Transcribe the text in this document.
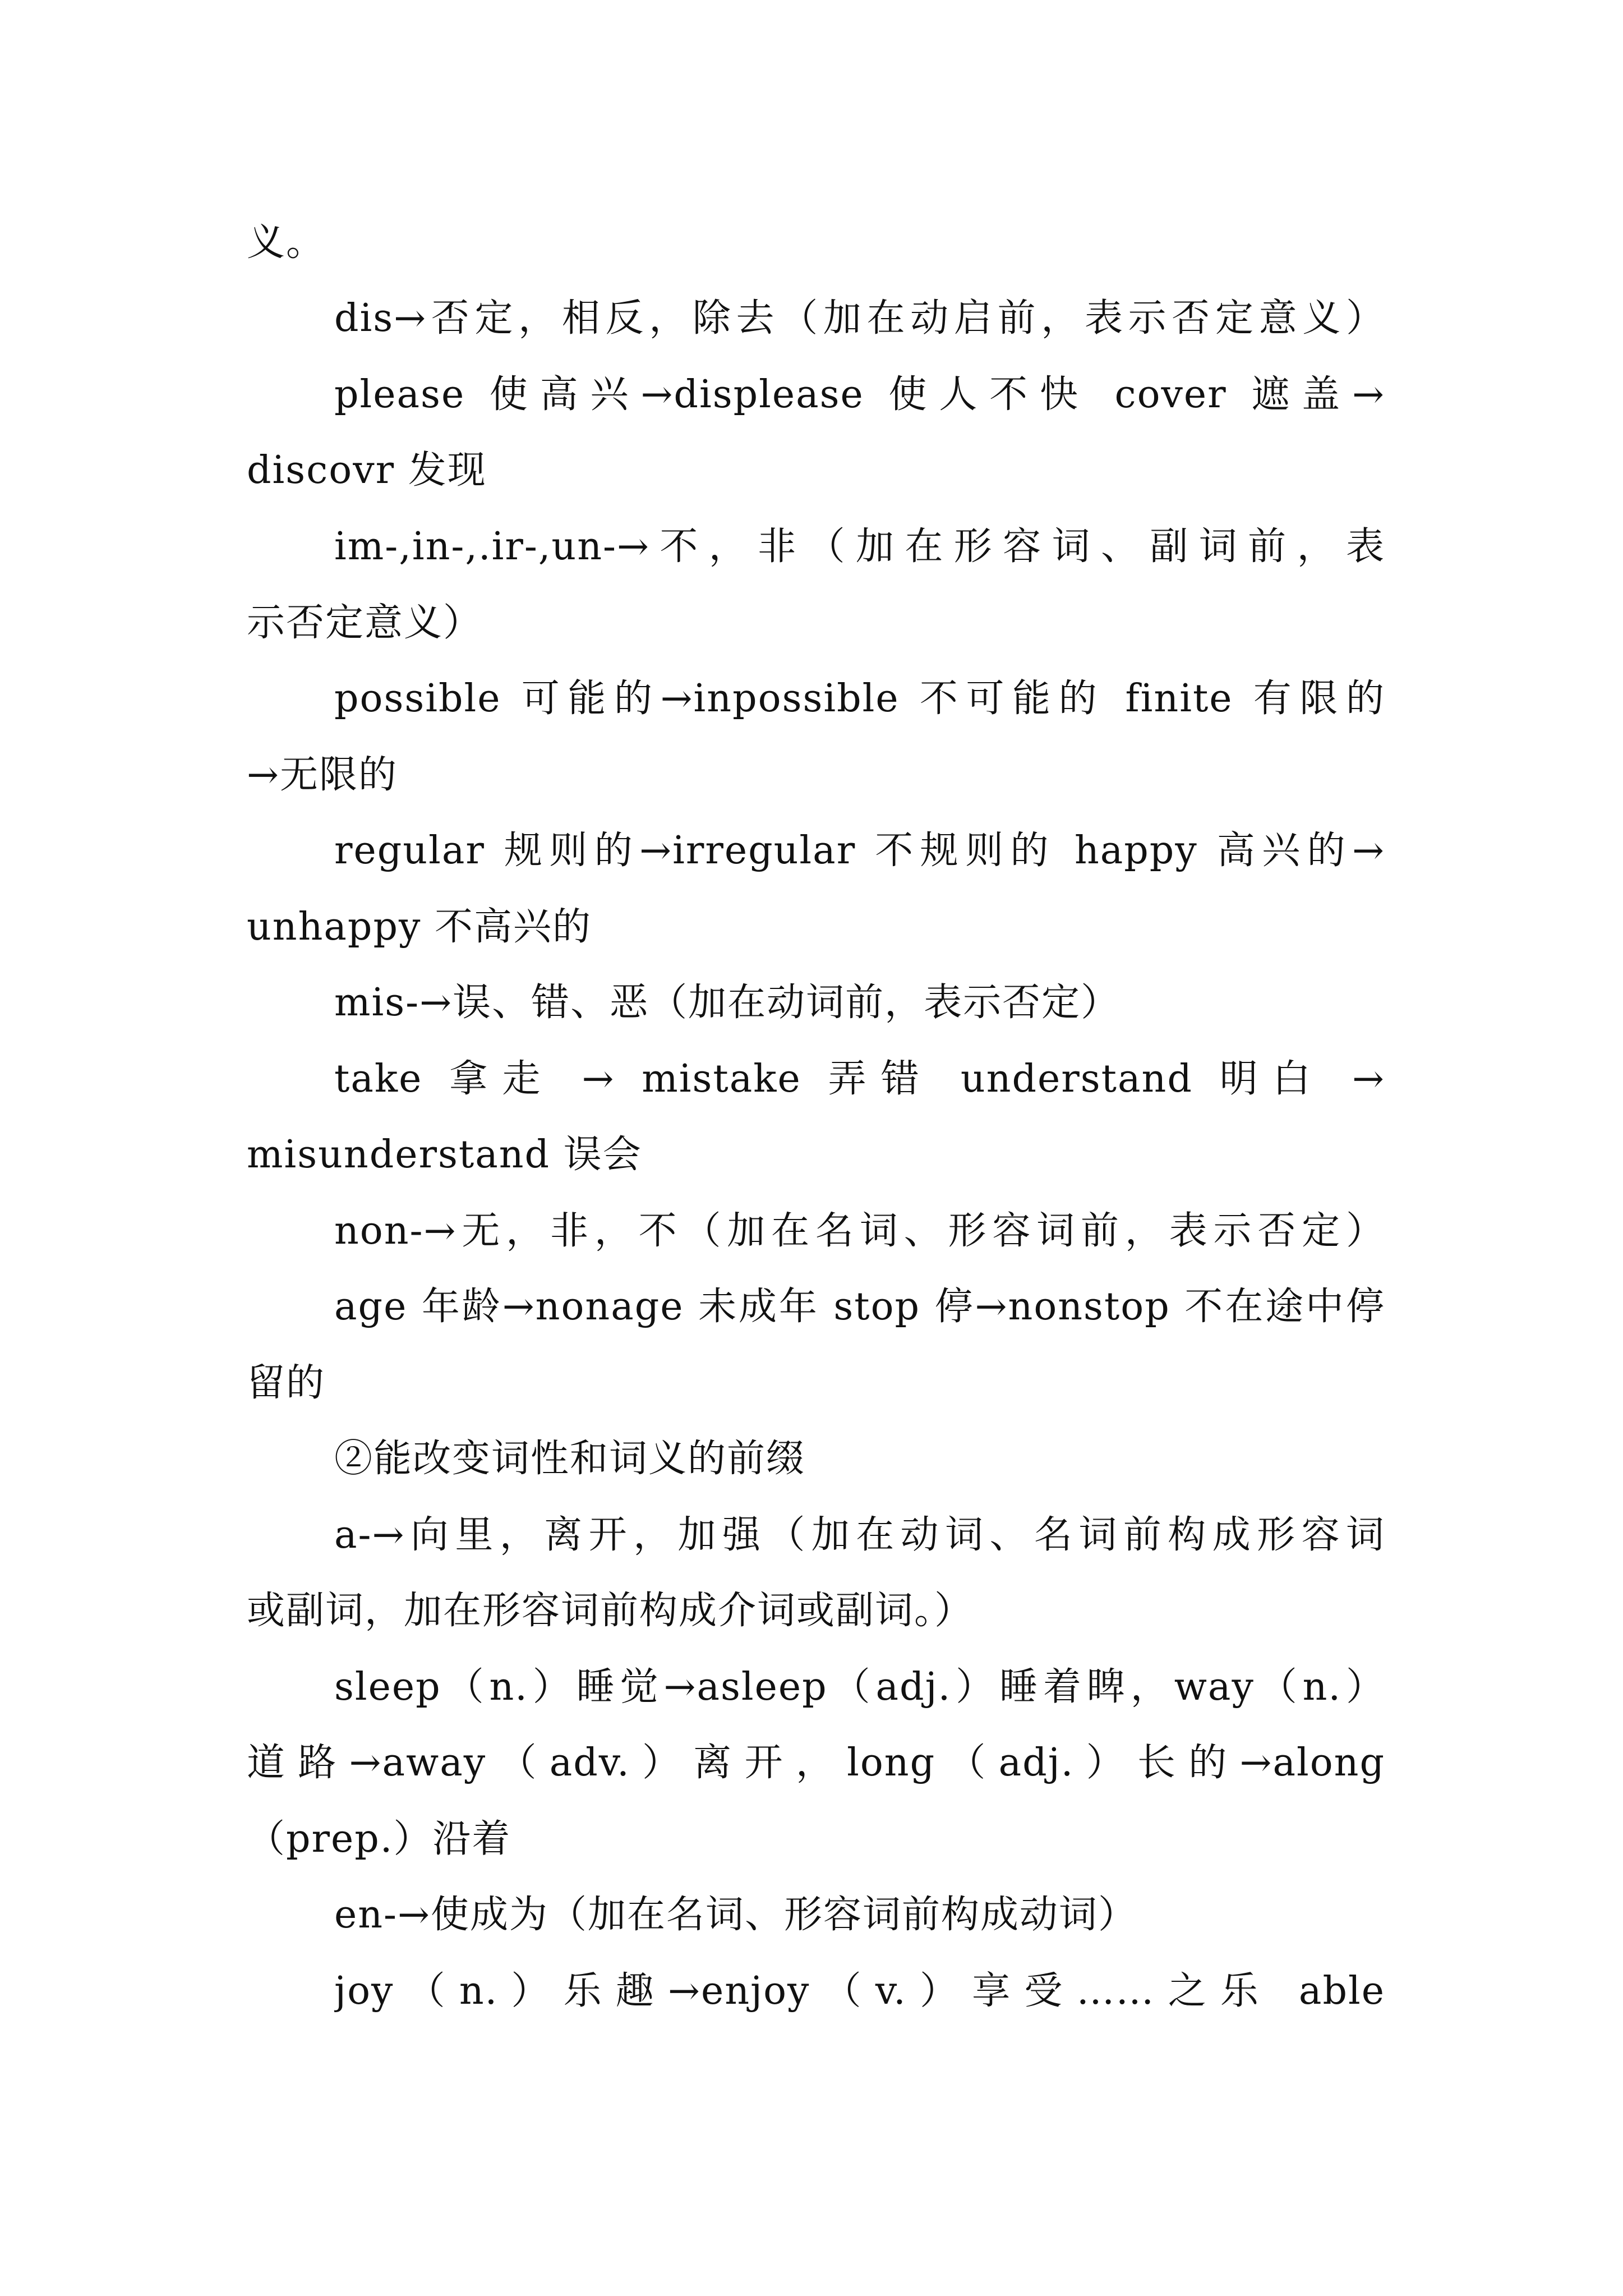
义。
dis→否定，相反，除去（加在动启前，表示否定意义）
please 使高兴→displease 使人不快 cover 遮盖→
discovr 发现
im-,in-,.ir-,un-→不，非（加在形容词、副词前，表
示否定意义）
possible 可能的→inpossible 不可能的 finite 有限的
→无限的
regular 规则的→irregular 不规则的 happy 高兴的→
unhappy 不高兴的
mis-→误、错、恶（加在动词前，表示否定）
take 拿走 → mistake 弄错 understand 明白 →
misunderstand 误会
non-→无，非，不（加在名词、形容词前，表示否定）
age 年龄→nonage 未成年 stop 停→nonstop 不在途中停
留的
②能改变词性和词义的前缀
a-→向里，离开，加强（加在动词、名词前构成形容词
或副词，加在形容词前构成介词或副词。）
sleep（n.）睡觉→asleep（adj.）睡着睥，way（n.）
道路→away（adv.）离开，long（adj.）长的→along
（prep.）沿着
en-→使成为（加在名词、形容词前构成动词）
joy（n.）乐趣→enjoy（v.）享受……之乐 able
